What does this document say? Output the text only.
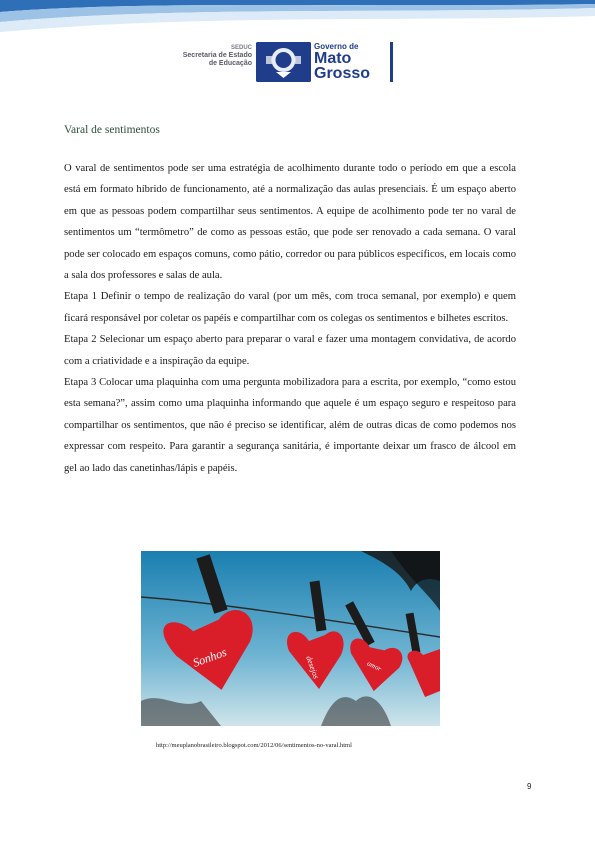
SEDUC
Secretaria de Estado
de Educação
Governo de
Mato
Grosso
Varal de sentimentos

O varal de sentimentos pode ser uma estratégia de acolhimento durante todo o período em que a escola está em formato híbrido de funcionamento, até a normalização das aulas presenciais. É um espaço aberto em que as pessoas podem compartilhar seus sentimentos. A equipe de acolhimento pode ter no varal de sentimentos um “termômetro” de como as pessoas estão, que pode ser renovado a cada semana. O varal pode ser colocado em espaços comuns, como pátio, corredor ou para públicos específicos, em locais como a sala dos professores e salas de aula.

Etapa 1 Definir o tempo de realização do varal (por um mês, com troca semanal, por exemplo) e quem ficará responsável por coletar os papéis e compartilhar com os colegas os sentimentos e bilhetes escritos.

Etapa 2 Selecionar um espaço aberto para preparar o varal e fazer uma montagem convidativa, de acordo com a criatividade e a inspiração da equipe.

Etapa 3 Colocar uma plaquinha com uma pergunta mobilizadora para a escrita, por exemplo, “como estou esta semana?”, assim como uma plaquinha informando que aquele é um espaço seguro e respeitoso para compartilhar os sentimentos, que não é preciso se identificar, além de outras dicas de como podemos nos expressar com respeito. Para garantir a segurança sanitária, é importante deixar um frasco de álcool em gel ao lado das canetinhas/lápis e papéis.

Sonhos	desejos	amor
http://meuplanobrasileiro.blogspot.com/2012/06/sentimentos-no-varal.html
9
